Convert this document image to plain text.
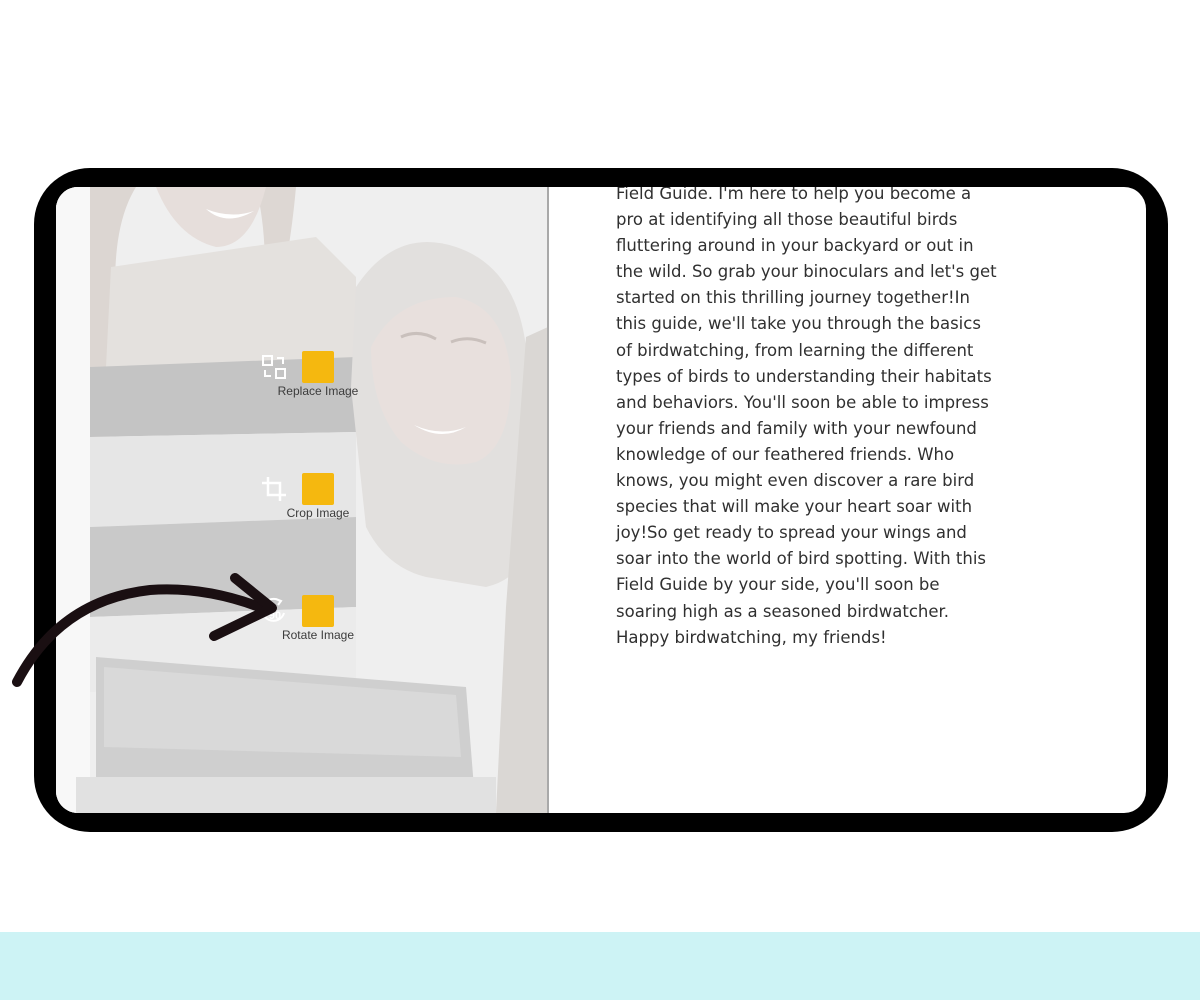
Replace Image
Crop Image
90
Rotate Image

Field Guide. I'm here to help you become a

pro at identifying all those beautiful birds

fluttering around in your backyard or out in

the wild. So grab your binoculars and let's get

started on this thrilling journey together!In

this guide, we'll take you through the basics

of birdwatching, from learning the different

types of birds to understanding their habitats

and behaviors. You'll soon be able to impress

your friends and family with your newfound

knowledge of our feathered friends. Who

knows, you might even discover a rare bird

species that will make your heart soar with

joy!So get ready to spread your wings and

soar into the world of bird spotting. With this

Field Guide by your side, you'll soon be

soaring high as a seasoned birdwatcher.

Happy birdwatching, my friends!
